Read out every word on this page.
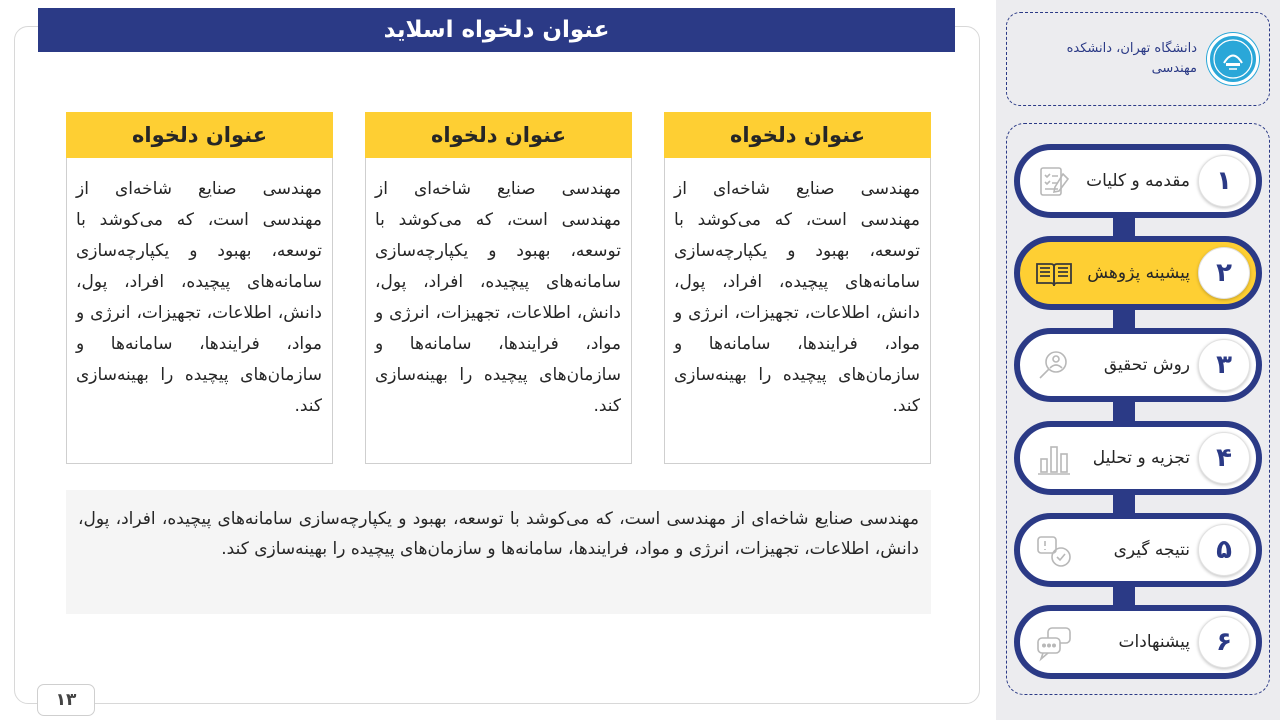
عنوان دلخواه اسلاید
عنوان دلخواه
مهندسی صنایع شاخه‌ای از مهندسی است، که می‌کوشد با توسعه، بهبود و یکپارچه‌سازی سامانه‌های پیچیده، افراد، پول، دانش، اطلاعات، تجهیزات، انرژی و مواد، فرایندها، سامانه‌ها و سازمان‌های پیچیده را بهینه‌سازی کند.
عنوان دلخواه
مهندسی صنایع شاخه‌ای از مهندسی است، که می‌کوشد با توسعه، بهبود و یکپارچه‌سازی سامانه‌های پیچیده، افراد، پول، دانش، اطلاعات، تجهیزات، انرژی و مواد، فرایندها، سامانه‌ها و سازمان‌های پیچیده را بهینه‌سازی کند.
عنوان دلخواه
مهندسی صنایع شاخه‌ای از مهندسی است، که می‌کوشد با توسعه، بهبود و یکپارچه‌سازی سامانه‌های پیچیده، افراد، پول، دانش، اطلاعات، تجهیزات، انرژی و مواد، فرایندها، سامانه‌ها و سازمان‌های پیچیده را بهینه‌سازی کند.
مهندسی صنایع شاخه‌ای از مهندسی است، که می‌کوشد با توسعه، بهبود و یکپارچه‌سازی سامانه‌های پیچیده، افراد، پول، دانش، اطلاعات، تجهیزات، انرژی و مواد، فرایندها، سامانه‌ها و سازمان‌های پیچیده را بهینه‌سازی کند.
۱۳
دانشگاه تهران، دانشکده مهندسی
۱
مقدمه و کلیات
۲
پیشینه پژوهش
۳
روش تحقیق
۴
تجزیه و تحلیل
۵
نتیجه گیری
۶
پیشنهادات
